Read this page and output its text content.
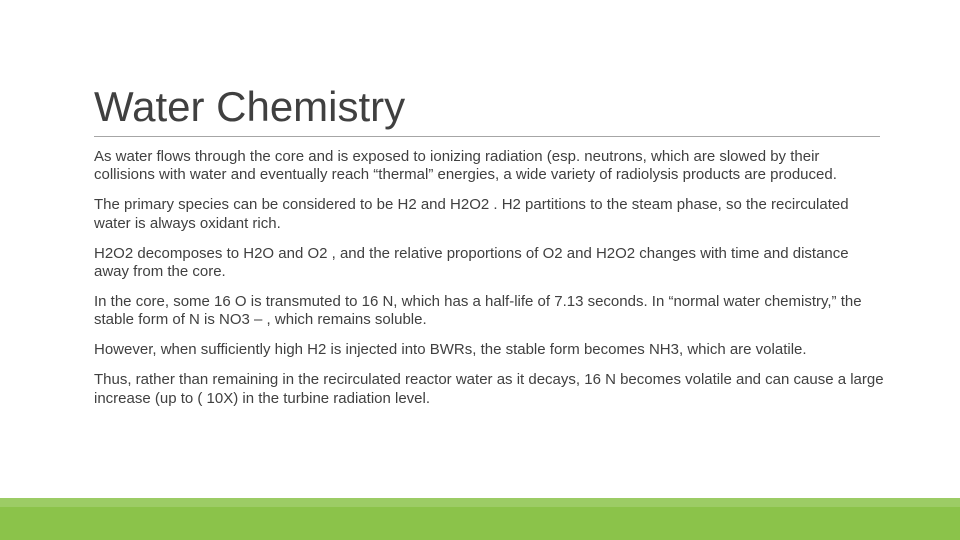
Water Chemistry

As water flows through the core and is exposed to ionizing radiation (esp. neutrons, which are slowed by their collisions with water and eventually reach “thermal” energies, a wide variety of radiolysis products are produced.

The primary species can be considered to be H2 and H2O2 . H2 partitions to the steam phase, so the recirculated water is always oxidant rich.

H2O2 decomposes to H2O and O2 , and the relative proportions of O2 and H2O2 changes with time and distance away from the core.

In the core, some 16 O is transmuted to 16 N, which has a half-life of 7.13 seconds. In “normal water chemistry,” the stable form of N is NO3 – , which remains soluble.

However, when sufficiently high H2 is injected into BWRs, the stable form becomes NH3, which are volatile.

Thus, rather than remaining in the recirculated reactor water as it decays, 16 N becomes volatile and can cause a large increase (up to ( 10X) in the turbine radiation level.
